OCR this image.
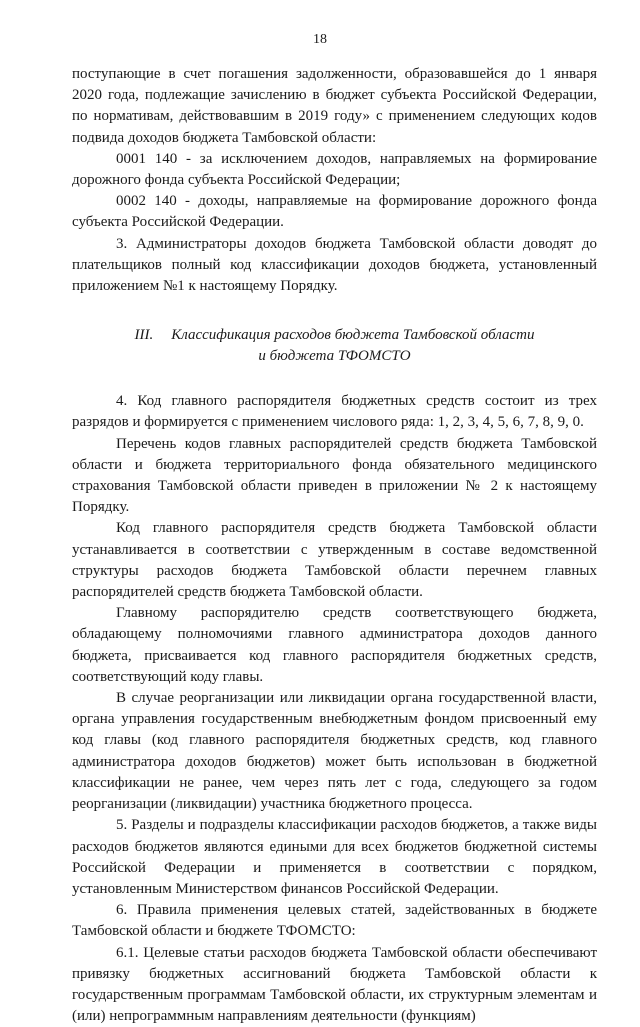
18

поступающие в счет погашения задолженности, образовавшейся до 1 января 2020 года, подлежащие зачислению в бюджет субъекта Российской Федерации, по нормативам, действовавшим в 2019 году» с применением следующих кодов подвида доходов бюджета Тамбовской области:

0001 140 - за исключением доходов, направляемых на формирование дорожного фонда субъекта Российской Федерации;

0002 140 - доходы, направляемые на формирование дорожного фонда субъекта Российской Федерации.

3. Администраторы доходов бюджета Тамбовской области доводят до плательщиков полный код классификации доходов бюджета, установленный приложением №1 к настоящему Порядку.

III. Классификация расходов бюджета Тамбовской области
и бюджета ТФОМСТО

4. Код главного распорядителя бюджетных средств состоит из трех разрядов и формируется с применением числового ряда: 1, 2, 3, 4, 5, 6, 7, 8, 9, 0.

Перечень кодов главных распорядителей средств бюджета Тамбовской области и бюджета территориального фонда обязательного медицинского страхования Тамбовской области приведен в приложении № 2 к настоящему Порядку.

Код главного распорядителя средств бюджета Тамбовской области устанавливается в соответствии с утвержденным в составе ведомственной структуры расходов бюджета Тамбовской области перечнем главных распорядителей средств бюджета Тамбовской области.

Главному распорядителю средств соответствующего бюджета, обладающему полномочиями главного администратора доходов данного бюджета, присваивается код главного распорядителя бюджетных средств, соответствующий коду главы.

В случае реорганизации или ликвидации органа государственной власти, органа управления государственным внебюджетным фондом присвоенный ему код главы (код главного распорядителя бюджетных средств, код главного администратора доходов бюджетов) может быть использован в бюджетной классификации не ранее, чем через пять лет с года, следующего за годом реорганизации (ликвидации) участника бюджетного процесса.

5. Разделы и подразделы классификации расходов бюджетов, а также виды расходов бюджетов являются едиными для всех бюджетов бюджетной системы Российской Федерации и применяется в соответствии с порядком, установленным Министерством финансов Российской Федерации.

6. Правила применения целевых статей, задействованных в бюджете Тамбовской области и бюджете ТФОМСТО:

6.1. Целевые статьи расходов бюджета Тамбовской области обеспечивают привязку бюджетных ассигнований бюджета Тамбовской области к государственным программам Тамбовской области, их структурным элементам и (или) непрограммным направлениям деятельности (функциям)
